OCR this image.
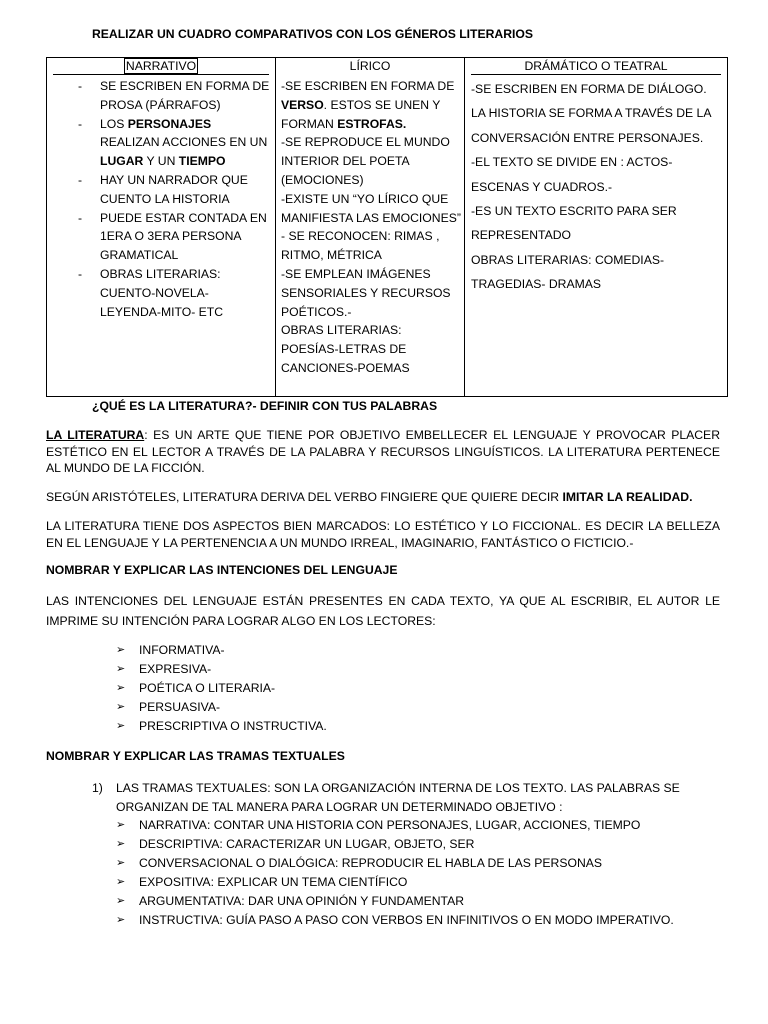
REALIZAR UN CUADRO COMPARATIVOS CON LOS GÉNEROS LITERARIOS
NARRATIVO
- SE ESCRIBEN EN FORMA DE PROSA (PÁRRAFOS)
- LOS PERSONAJES REALIZAN ACCIONES EN UN LUGAR Y UN TIEMPO
- HAY UN NARRADOR QUE CUENTO LA HISTORIA
- PUEDE ESTAR CONTADA EN 1ERA O 3ERA PERSONA GRAMATICAL
- OBRAS LITERARIAS: CUENTO-NOVELA- LEYENDA-MITO- ETC
LÍRICO
-SE ESCRIBEN EN FORMA DE VERSO. ESTOS SE UNEN Y FORMAN ESTROFAS.
-SE REPRODUCE EL MUNDO INTERIOR DEL POETA (EMOCIONES)
-EXISTE UN “YO LÍRICO QUE MANIFIESTA LAS EMOCIONES”
- SE RECONOCEN: RIMAS , RITMO, MÉTRICA
-SE EMPLEAN IMÁGENES SENSORIALES Y RECURSOS POÉTICOS.-
OBRAS LITERARIAS: POESÍAS-LETRAS DE CANCIONES-POEMAS
DRÁMÁTICO O TEATRAL
-SE ESCRIBEN EN FORMA DE DIÁLOGO.
LA HISTORIA SE FORMA A TRAVÉS DE LA CONVERSACIÓN ENTRE PERSONAJES.
-EL TEXTO SE DIVIDE EN : ACTOS-ESCENAS Y CUADROS.-
-ES UN TEXTO ESCRITO PARA SER REPRESENTADO
OBRAS LITERARIAS: COMEDIAS-TRAGEDIAS- DRAMAS
¿QUÉ ES LA LITERATURA?- DEFINIR CON TUS PALABRAS
LA LITERATURA: ES UN ARTE QUE TIENE POR OBJETIVO EMBELLECER EL LENGUAJE Y PROVOCAR PLACER ESTÉTICO EN EL LECTOR A TRAVÉS DE LA PALABRA Y RECURSOS LINGUÍSTICOS. LA LITERATURA PERTENECE AL MUNDO DE LA FICCIÓN.
SEGÚN ARISTÓTELES, LITERATURA DERIVA DEL VERBO FINGIERE QUE QUIERE DECIR IMITAR LA REALIDAD.
LA LITERATURA TIENE DOS ASPECTOS BIEN MARCADOS: LO ESTÉTICO Y LO FICCIONAL. ES DECIR LA BELLEZA EN EL LENGUAJE Y LA PERTENENCIA A UN MUNDO IRREAL, IMAGINARIO, FANTÁSTICO O FICTICIO.-
NOMBRAR Y EXPLICAR LAS INTENCIONES DEL LENGUAJE
LAS INTENCIONES DEL LENGUAJE ESTÁN PRESENTES EN CADA TEXTO, YA QUE AL ESCRIBIR, EL AUTOR LE IMPRIME SU INTENCIÓN PARA LOGRAR ALGO EN LOS LECTORES:
➢ INFORMATIVA-
➢ EXPRESIVA-
➢ POÉTICA O LITERARIA-
➢ PERSUASIVA-
➢ PRESCRIPTIVA O INSTRUCTIVA.
NOMBRAR Y EXPLICAR LAS TRAMAS TEXTUALES
1) LAS TRAMAS TEXTUALES: SON LA ORGANIZACIÓN INTERNA DE LOS TEXTO. LAS PALABRAS SE ORGANIZAN DE TAL MANERA PARA LOGRAR UN DETERMINADO OBJETIVO :
➢ NARRATIVA: CONTAR UNA HISTORIA CON PERSONAJES, LUGAR, ACCIONES, TIEMPO
➢ DESCRIPTIVA: CARACTERIZAR UN LUGAR, OBJETO, SER
➢ CONVERSACIONAL O DIALÓGICA: REPRODUCIR EL HABLA DE LAS PERSONAS
➢ EXPOSITIVA: EXPLICAR UN TEMA CIENTÍFICO
➢ ARGUMENTATIVA: DAR UNA OPINIÓN Y FUNDAMENTAR
➢ INSTRUCTIVA: GUÍA PASO A PASO CON VERBOS EN INFINITIVOS O EN MODO IMPERATIVO.
